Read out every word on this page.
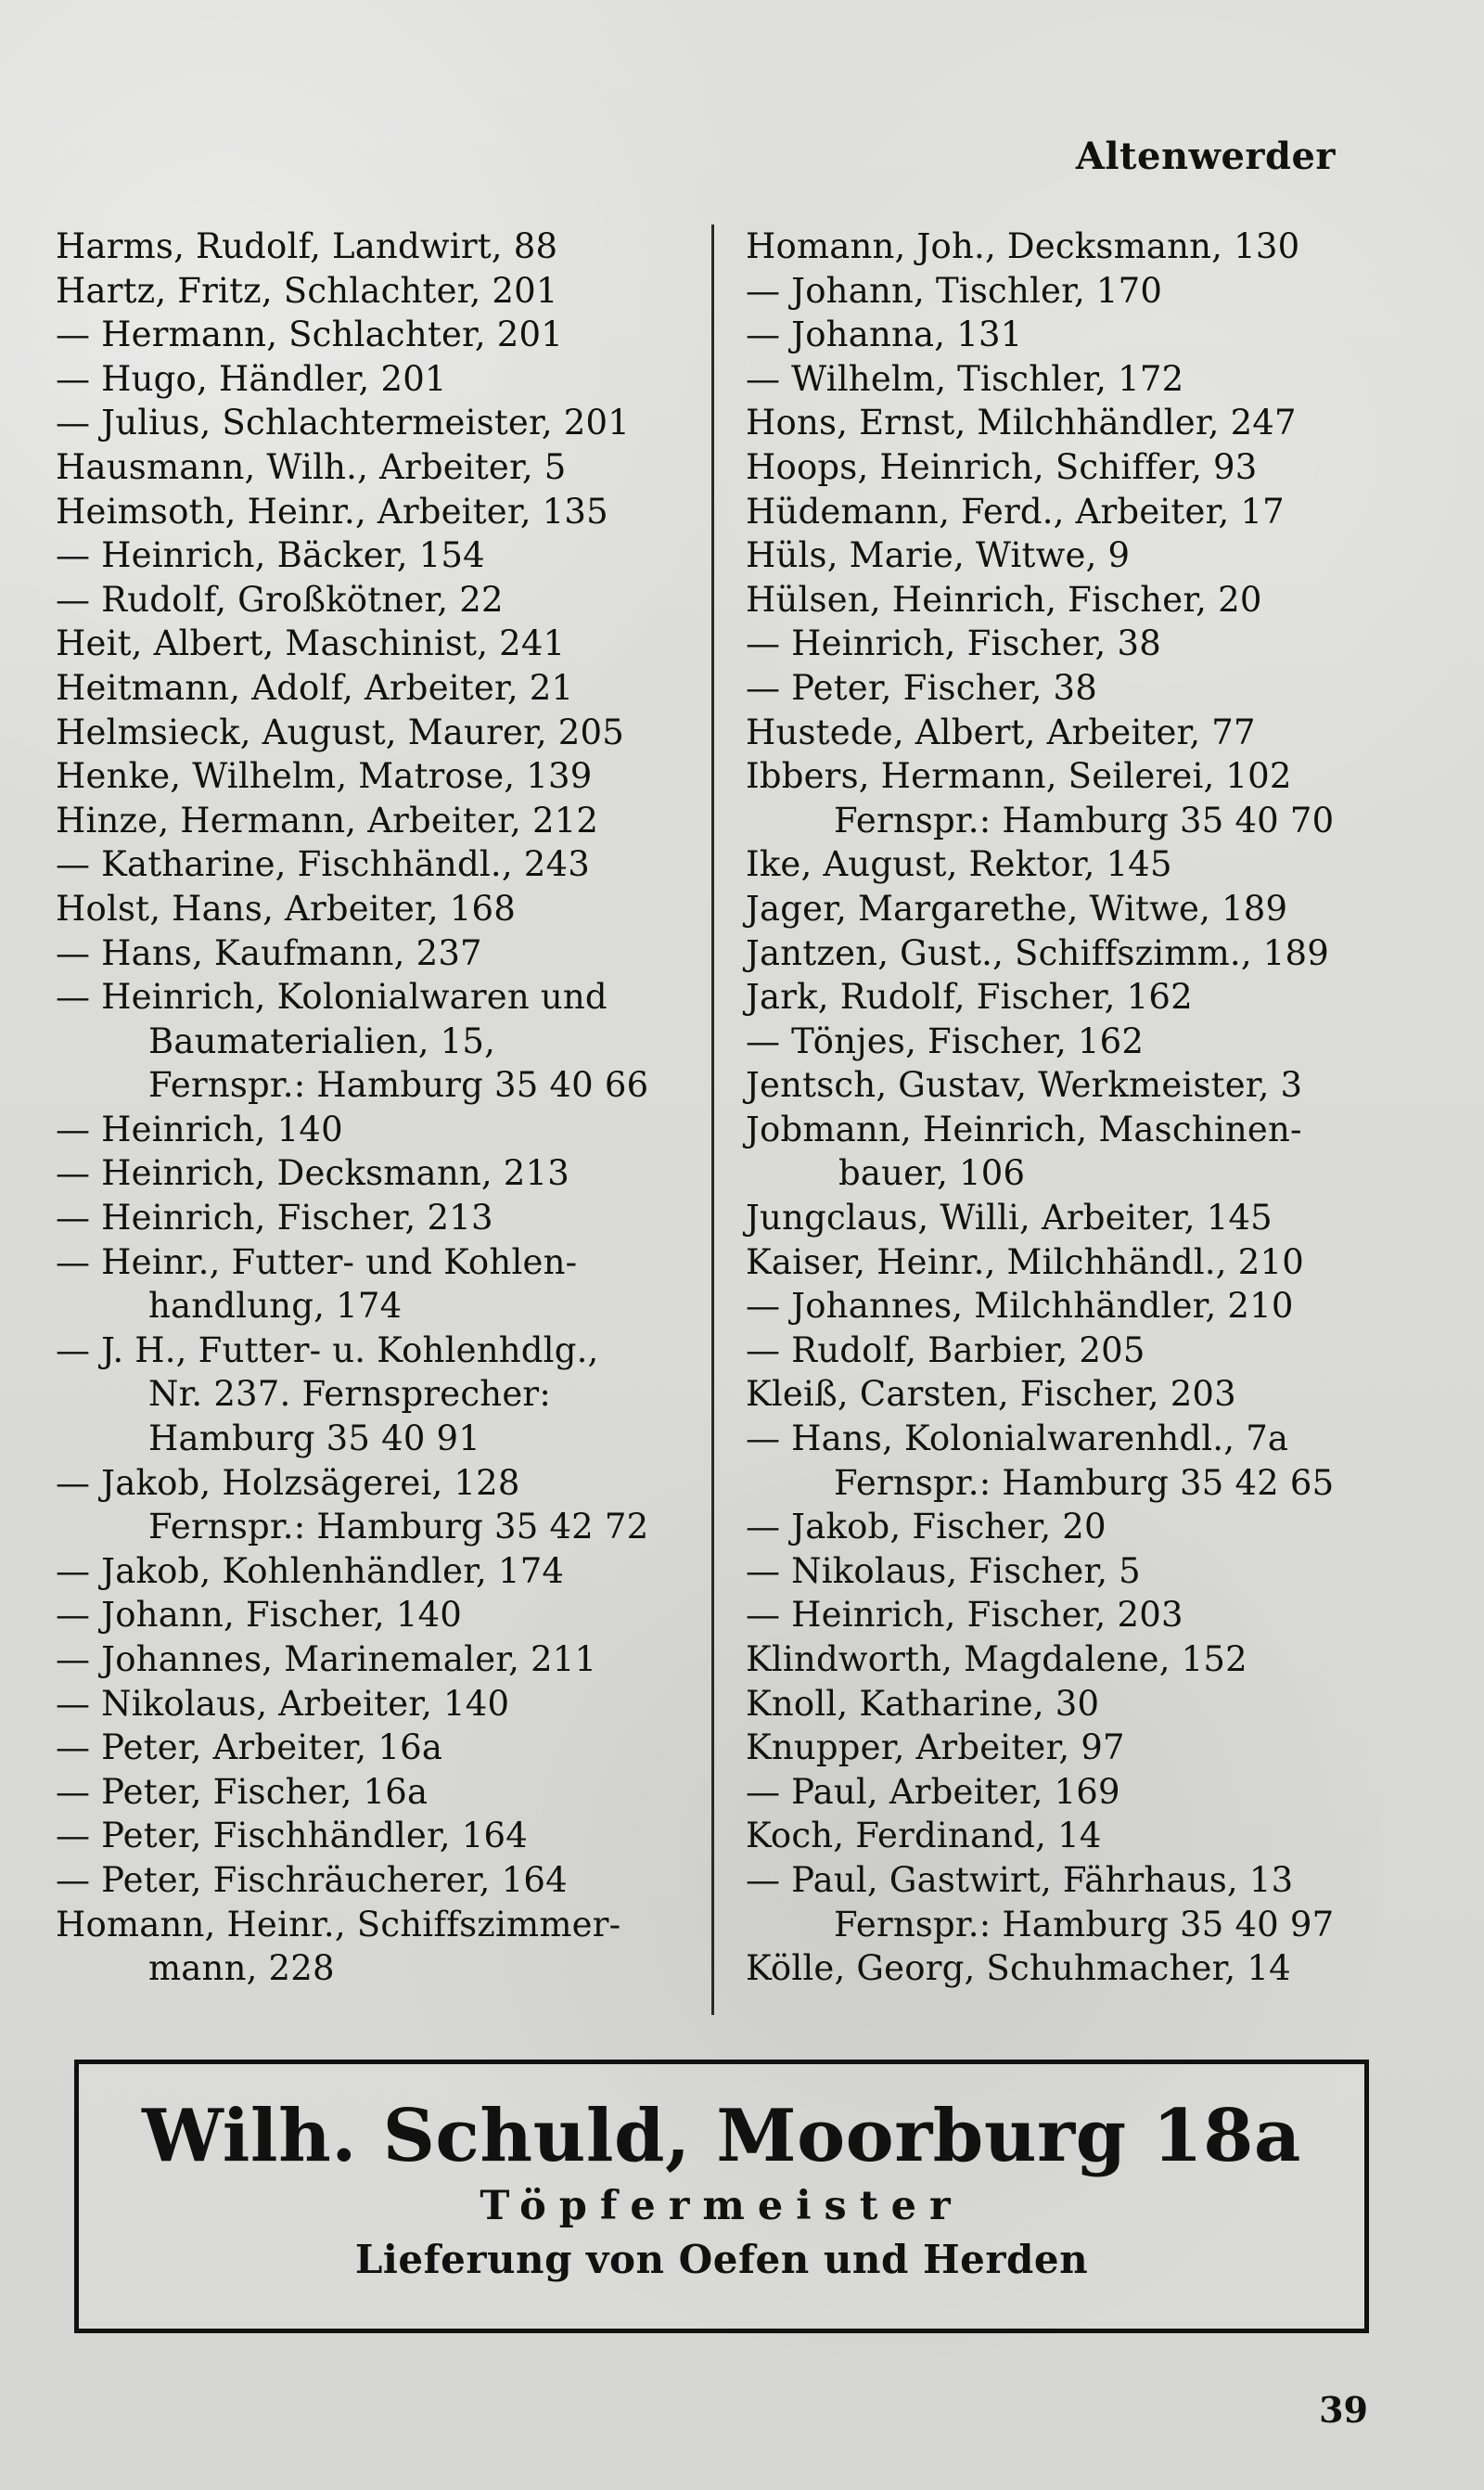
Altenwerder
Harms, Rudolf, Landwirt, 88
Hartz, Fritz, Schlachter, 201
— Hermann, Schlachter, 201
— Hugo, Händler, 201
— Julius, Schlachtermeister, 201
Hausmann, Wilh., Arbeiter, 5
Heimsoth, Heinr., Arbeiter, 135
— Heinrich, Bäcker, 154
— Rudolf, Großkötner, 22
Heit, Albert, Maschinist, 241
Heitmann, Adolf, Arbeiter, 21
Helmsieck, August, Maurer, 205
Henke, Wilhelm, Matrose, 139
Hinze, Hermann, Arbeiter, 212
— Katharine, Fischhändl., 243
Holst, Hans, Arbeiter, 168
— Hans, Kaufmann, 237
— Heinrich, Kolonialwaren und
Baumaterialien, 15,
Fernspr.: Hamburg 35 40 66
— Heinrich, 140
— Heinrich, Decksmann, 213
— Heinrich, Fischer, 213
— Heinr., Futter- und Kohlen-
handlung, 174
— J. H., Futter- u. Kohlenhdlg.,
Nr. 237. Fernsprecher:
Hamburg 35 40 91
— Jakob, Holzsägerei, 128
Fernspr.: Hamburg 35 42 72
— Jakob, Kohlenhändler, 174
— Johann, Fischer, 140
— Johannes, Marinemaler, 211
— Nikolaus, Arbeiter, 140
— Peter, Arbeiter, 16a
— Peter, Fischer, 16a
— Peter, Fischhändler, 164
— Peter, Fischräucherer, 164
Homann, Heinr., Schiffszimmer-
mann, 228
Homann, Joh., Decksmann, 130
— Johann, Tischler, 170
— Johanna, 131
— Wilhelm, Tischler, 172
Hons, Ernst, Milchhändler, 247
Hoops, Heinrich, Schiffer, 93
Hüdemann, Ferd., Arbeiter, 17
Hüls, Marie, Witwe, 9
Hülsen, Heinrich, Fischer, 20
— Heinrich, Fischer, 38
— Peter, Fischer, 38
Hustede, Albert, Arbeiter, 77
Ibbers, Hermann, Seilerei, 102
Fernspr.: Hamburg 35 40 70
Ike, August, Rektor, 145
Jager, Margarethe, Witwe, 189
Jantzen, Gust., Schiffszimm., 189
Jark, Rudolf, Fischer, 162
— Tönjes, Fischer, 162
Jentsch, Gustav, Werkmeister, 3
Jobmann, Heinrich, Maschinen-
bauer, 106
Jungclaus, Willi, Arbeiter, 145
Kaiser, Heinr., Milchhändl., 210
— Johannes, Milchhändler, 210
— Rudolf, Barbier, 205
Kleiß, Carsten, Fischer, 203
— Hans, Kolonialwarenhdl., 7a
Fernspr.: Hamburg 35 42 65
— Jakob, Fischer, 20
— Nikolaus, Fischer, 5
— Heinrich, Fischer, 203
Klindworth, Magdalene, 152
Knoll, Katharine, 30
Knupper, Arbeiter, 97
— Paul, Arbeiter, 169
Koch, Ferdinand, 14
— Paul, Gastwirt, Fährhaus, 13
Fernspr.: Hamburg 35 40 97
Kölle, Georg, Schuhmacher, 14
Wilh. Schuld, Moorburg 18a
Töpfermeister
Lieferung von Oefen und Herden
39
